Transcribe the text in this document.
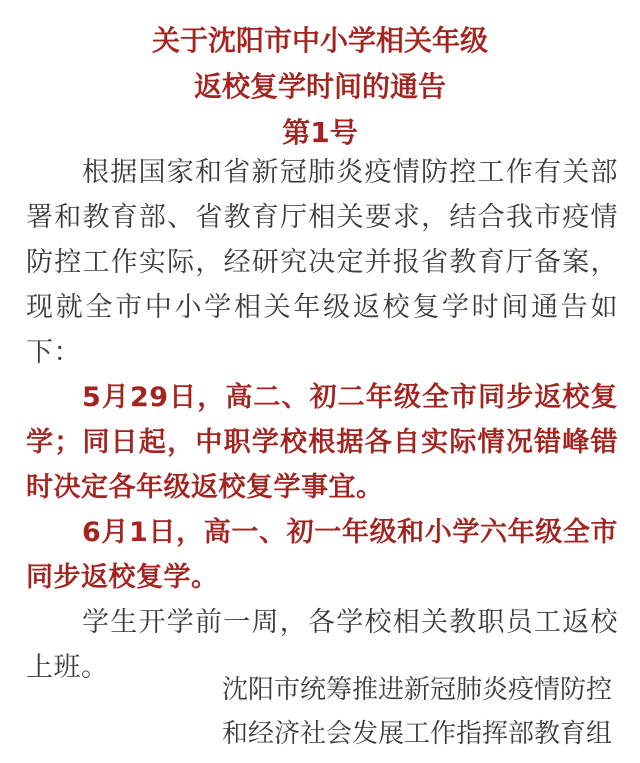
关于沈阳市中小学相关年级

返校复学时间的通告

第1号

根据国家和省新冠肺炎疫情防控工作有关部署和教育部、省教育厅相关要求，结合我市疫情防控工作实际，经研究决定并报省教育厅备案，现就全市中小学相关年级返校复学时间通告如下：

5月29日，高二、初二年级全市同步返校复学；同日起，中职学校根据各自实际情况错峰错时决定各年级返校复学事宜。

6月1日，高一、初一年级和小学六年级全市同步返校复学。

学生开学前一周，各学校相关教职员工返校上班。

沈阳市统筹推进新冠肺炎疫情防控
和经济社会发展工作指挥部教育组
